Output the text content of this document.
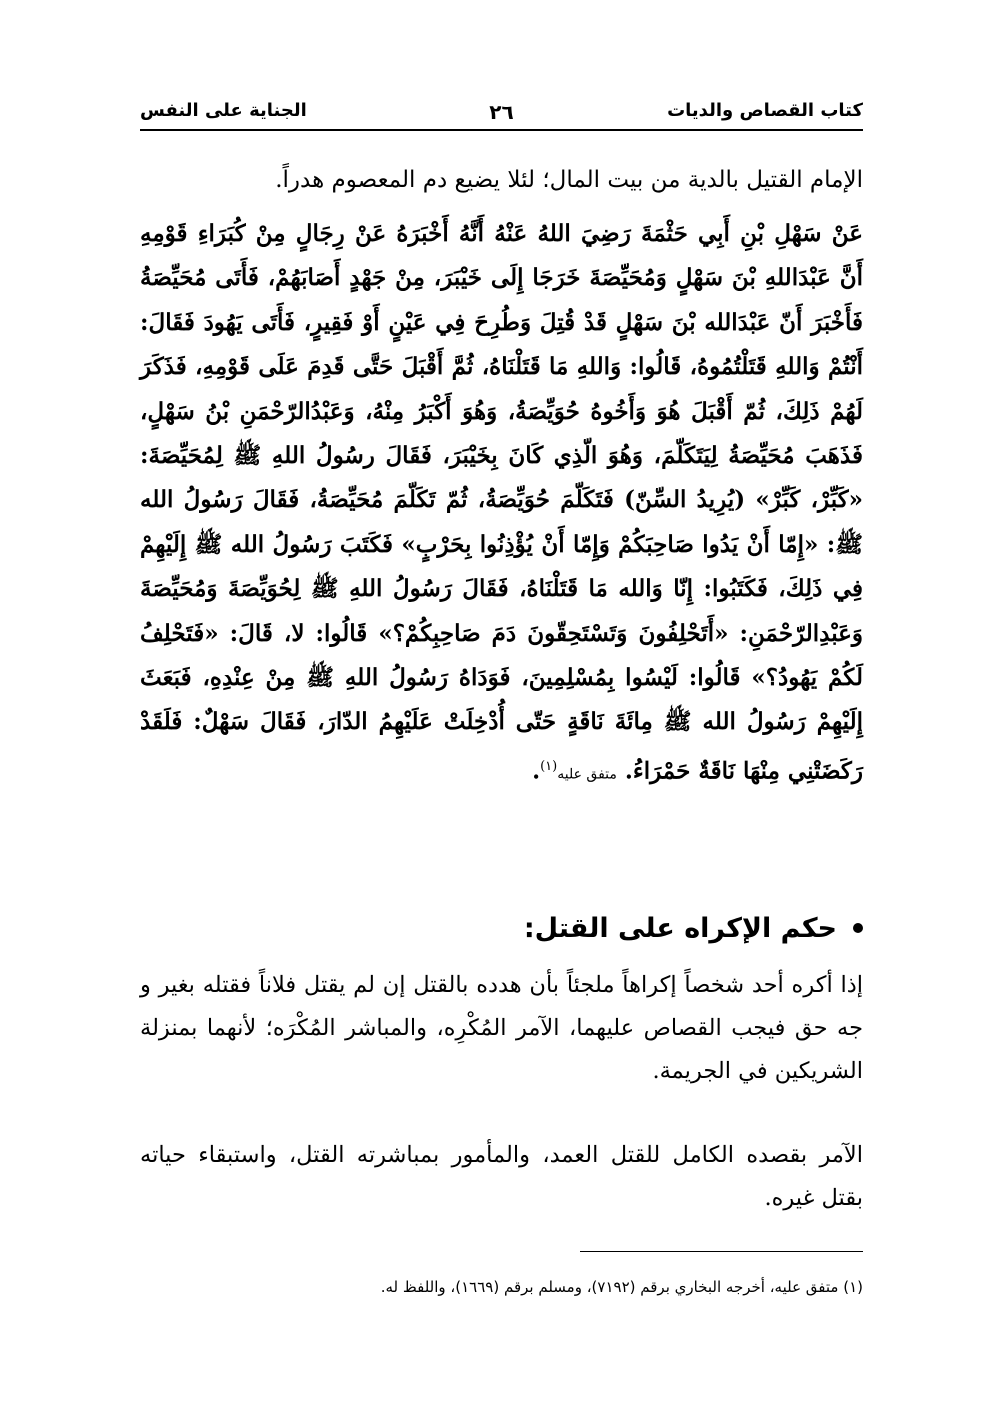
كتاب القصاص والديات
٢٦
الجناية على النفس
الإمام القتيل بالدية من بيت المال؛ لئلا يضيع دم المعصوم هدراً.
عَنْ سَهْلِ بْنِ أَبِي حَثْمَةَ رَضِيَ اللهُ عَنْهُ أَنَّهُ أَخْبَرَهُ عَنْ رِجَالٍ مِنْ كُبَرَاءِ قَوْمِهِ أَنَّ عَبْدَاللهِ بْنَ سَهْلٍ وَمُحَيِّصَةَ خَرَجَا إِلَى خَيْبَرَ، مِنْ جَهْدٍ أَصَابَهُمْ، فَأَتَى مُحَيِّصَةُ فَأَخْبَرَ أَنّ عَبْدَالله بْنَ سَهْلٍ قَدْ قُتِلَ وَطُرِحَ فِي عَيْنٍ أَوْ فَقِيرٍ، فَأَتَى يَهُودَ فَقَالَ: أَنْتُمْ وَاللهِ قَتَلْتُمُوهُ، قَالُوا: وَاللهِ مَا قَتَلْنَاهُ، ثُمَّ أَقْبَلَ حَتَّى قَدِمَ عَلَى قَوْمِهِ، فَذَكَرَ لَهُمْ ذَلِكَ، ثُمّ أَقْبَلَ هُوَ وَأَخُوهُ حُوَيِّصَةُ، وَهُوَ أَكْبَرُ مِنْهُ، وَعَبْدُالرّحْمَنِ بْنُ سَهْلٍ، فَذَهَبَ مُحَيِّصَةُ لِيَتَكَلّمَ، وَهُوَ الّذِي كَانَ بِخَيْبَرَ، فَقَالَ رسُولُ اللهِ ﷺ لِمُحَيِّصَةَ: «كَبِّرْ، كَبِّرْ» (يُرِيدُ السِّنّ) فَتَكَلّمَ حُوَيِّصَةُ، ثُمّ تَكَلّمَ مُحَيِّصَةُ، فَقَالَ رَسُولُ الله ﷺ: «إِمّا أَنْ يَدُوا صَاحِبَكُمْ وَإِمّا أَنْ يُؤْذِنُوا بِحَرْبٍ» فَكَتَبَ رَسُولُ الله ﷺ إِلَيْهِمْ فِي ذَلِكَ، فَكَتَبُوا: إِنّا وَالله مَا قَتَلْنَاهُ، فَقَالَ رَسُولُ اللهِ ﷺ لِحُوَيِّصَةَ وَمُحَيِّصَةَ وَعَبْدِالرّحْمَنِ: «أَتَحْلِفُونَ وَتَسْتَحِقّونَ دَمَ صَاحِبِكُمْ؟» قَالُوا: لا، قَالَ: «فَتَحْلِفُ لَكُمْ يَهُودُ؟» قَالُوا: لَيْسُوا بِمُسْلِمِينَ، فَوَدَاهُ رَسُولُ اللهِ ﷺ مِنْ عِنْدِهِ، فَبَعَثَ إِلَيْهِمْ رَسُولُ الله ﷺ مِائَةَ نَاقَةٍ حَتّى أُدْخِلَتْ عَلَيْهِمُ الدّارَ، فَقَالَ سَهْلٌ: فَلَقَدْ رَكَضَتْنِي مِنْهَا نَاقَةٌ حَمْرَاءُ. متفق عليه$^{(١)}$.
حكم الإكراه على القتل:
إذا أكره أحد شخصاً إكراهاً ملجئاً بأن هدده بالقتل إن لم يقتل فلاناً فقتله بغير و جه حق فيجب القصاص عليهما، الآمر المُكْرِه، والمباشر المُكْرَه؛ لأنهما بمنزلة الشريكين في الجريمة.
الآمر بقصده الكامل للقتل العمد، والمأمور بمباشرته القتل، واستبقاء حياته بقتل غيره.
(١) متفق عليه، أخرجه البخاري برقم (٧١٩٢)، ومسلم برقم (١٦٦٩)، واللفظ له.
